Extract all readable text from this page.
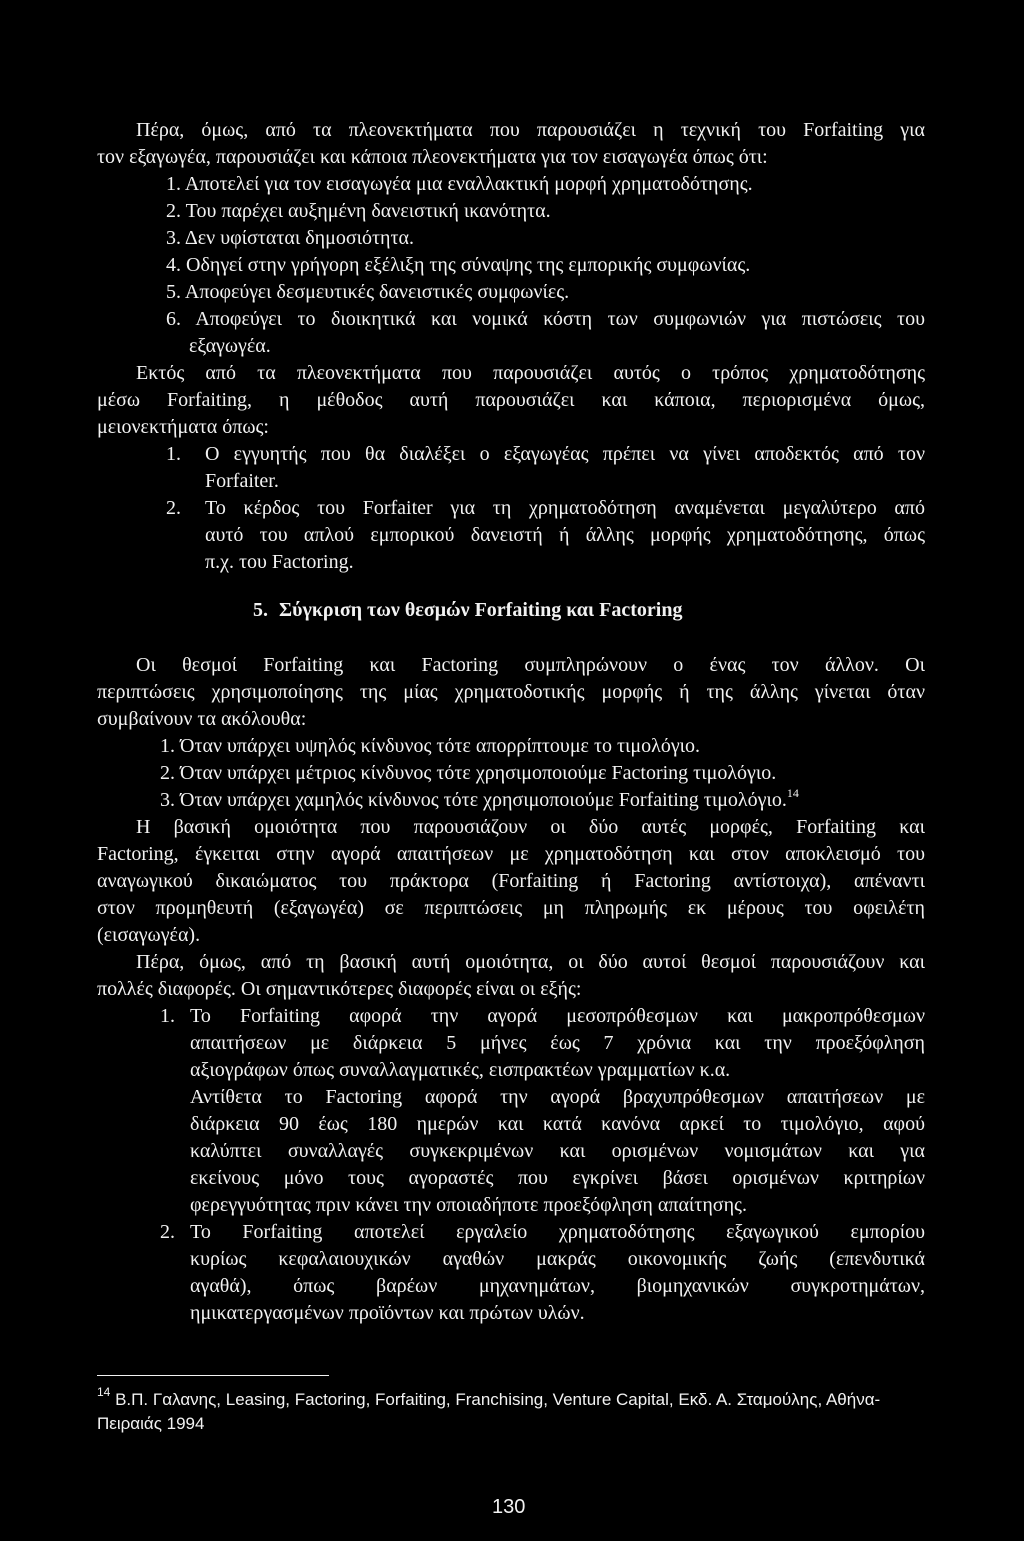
Πέρα, όμως, από τα πλεονεκτήματα που παρουσιάζει η τεχνική του Forfaiting για
τον εξαγωγέα, παρουσιάζει και κάποια πλεονεκτήματα για τον εισαγωγέα όπως ότι:
1. Αποτελεί για τον εισαγωγέα μια εναλλακτική μορφή χρηματοδότησης.
2. Του παρέχει αυξημένη δανειστική ικανότητα.
3. Δεν υφίσταται δημοσιότητα.
4. Οδηγεί στην γρήγορη εξέλιξη της σύναψης της εμπορικής συμφωνίας.
5. Αποφεύγει δεσμευτικές δανειστικές συμφωνίες.
6. Αποφεύγει το διοικητικά και νομικά κόστη των συμφωνιών για πιστώσεις του
εξαγωγέα.
Εκτός από τα πλεονεκτήματα που παρουσιάζει αυτός ο τρόπος χρηματοδότησης
μέσω Forfaiting, η μέθοδος αυτή παρουσιάζει και κάποια, περιορισμένα όμως,
μειονεκτήματα όπως:
1. Ο εγγυητής που θα διαλέξει ο εξαγωγέας πρέπει να γίνει αποδεκτός από τον
Forfaiter.
2. Το κέρδος του Forfaiter για τη χρηματοδότηση αναμένεται μεγαλύτερο από
αυτό του απλού εμπορικού δανειστή ή άλλης μορφής χρηματοδότησης, όπως
π.χ. του Factoring.
5. Σύγκριση των θεσμών Forfaiting και Factoring
Οι θεσμοί Forfaiting και Factoring συμπληρώνουν ο ένας τον άλλον. Οι
περιπτώσεις χρησιμοποίησης της μίας χρηματοδοτικής μορφής ή της άλλης γίνεται όταν
συμβαίνουν τα ακόλουθα:
1. Όταν υπάρχει υψηλός κίνδυνος τότε απορρίπτουμε το τιμολόγιο.
2. Όταν υπάρχει μέτριος κίνδυνος τότε χρησιμοποιούμε Factoring τιμολόγιο.
3. Όταν υπάρχει χαμηλός κίνδυνος τότε χρησιμοποιούμε Forfaiting τιμολόγιο.$^{14}$
Η βασική ομοιότητα που παρουσιάζουν οι δύο αυτές μορφές, Forfaiting και
Factoring, έγκειται στην αγορά απαιτήσεων με χρηματοδότηση και στον αποκλεισμό του
αναγωγικού δικαιώματος του πράκτορα (Forfaiting ή Factoring αντίστοιχα), απέναντι
στον προμηθευτή (εξαγωγέα) σε περιπτώσεις μη πληρωμής εκ μέρους του οφειλέτη
(εισαγωγέα).
Πέρα, όμως, από τη βασική αυτή ομοιότητα, οι δύο αυτοί θεσμοί παρουσιάζουν και
πολλές διαφορές. Οι σημαντικότερες διαφορές είναι οι εξής:
1. Το Forfaiting αφορά την αγορά μεσοπρόθεσμων και μακροπρόθεσμων
απαιτήσεων με διάρκεια 5 μήνες έως 7 χρόνια και την προεξόφληση
αξιογράφων όπως συναλλαγματικές, εισπρακτέων γραμματίων κ.α.
Αντίθετα το Factoring αφορά την αγορά βραχυπρόθεσμων απαιτήσεων με
διάρκεια 90 έως 180 ημερών και κατά κανόνα αρκεί το τιμολόγιο, αφού
καλύπτει συναλλαγές συγκεκριμένων και ορισμένων νομισμάτων και για
εκείνους μόνο τους αγοραστές που εγκρίνει βάσει ορισμένων κριτηρίων
φερεγγυότητας πριν κάνει την οποιαδήποτε προεξόφληση απαίτησης.
2. Το Forfaiting αποτελεί εργαλείο χρηματοδότησης εξαγωγικού εμπορίου
κυρίως κεφαλαιουχικών αγαθών μακράς οικονομικής ζωής (επενδυτικά
αγαθά), όπως βαρέων μηχανημάτων, βιομηχανικών συγκροτημάτων,
ημικατεργασμένων προϊόντων και πρώτων υλών.
$^{14}$ Β.Π. Γαλανης, Leasing, Factoring, Forfaiting, Franchising, Venture Capital, Εκδ. Α. Σταμούλης, Αθήνα-
Πειραιάς 1994
130
